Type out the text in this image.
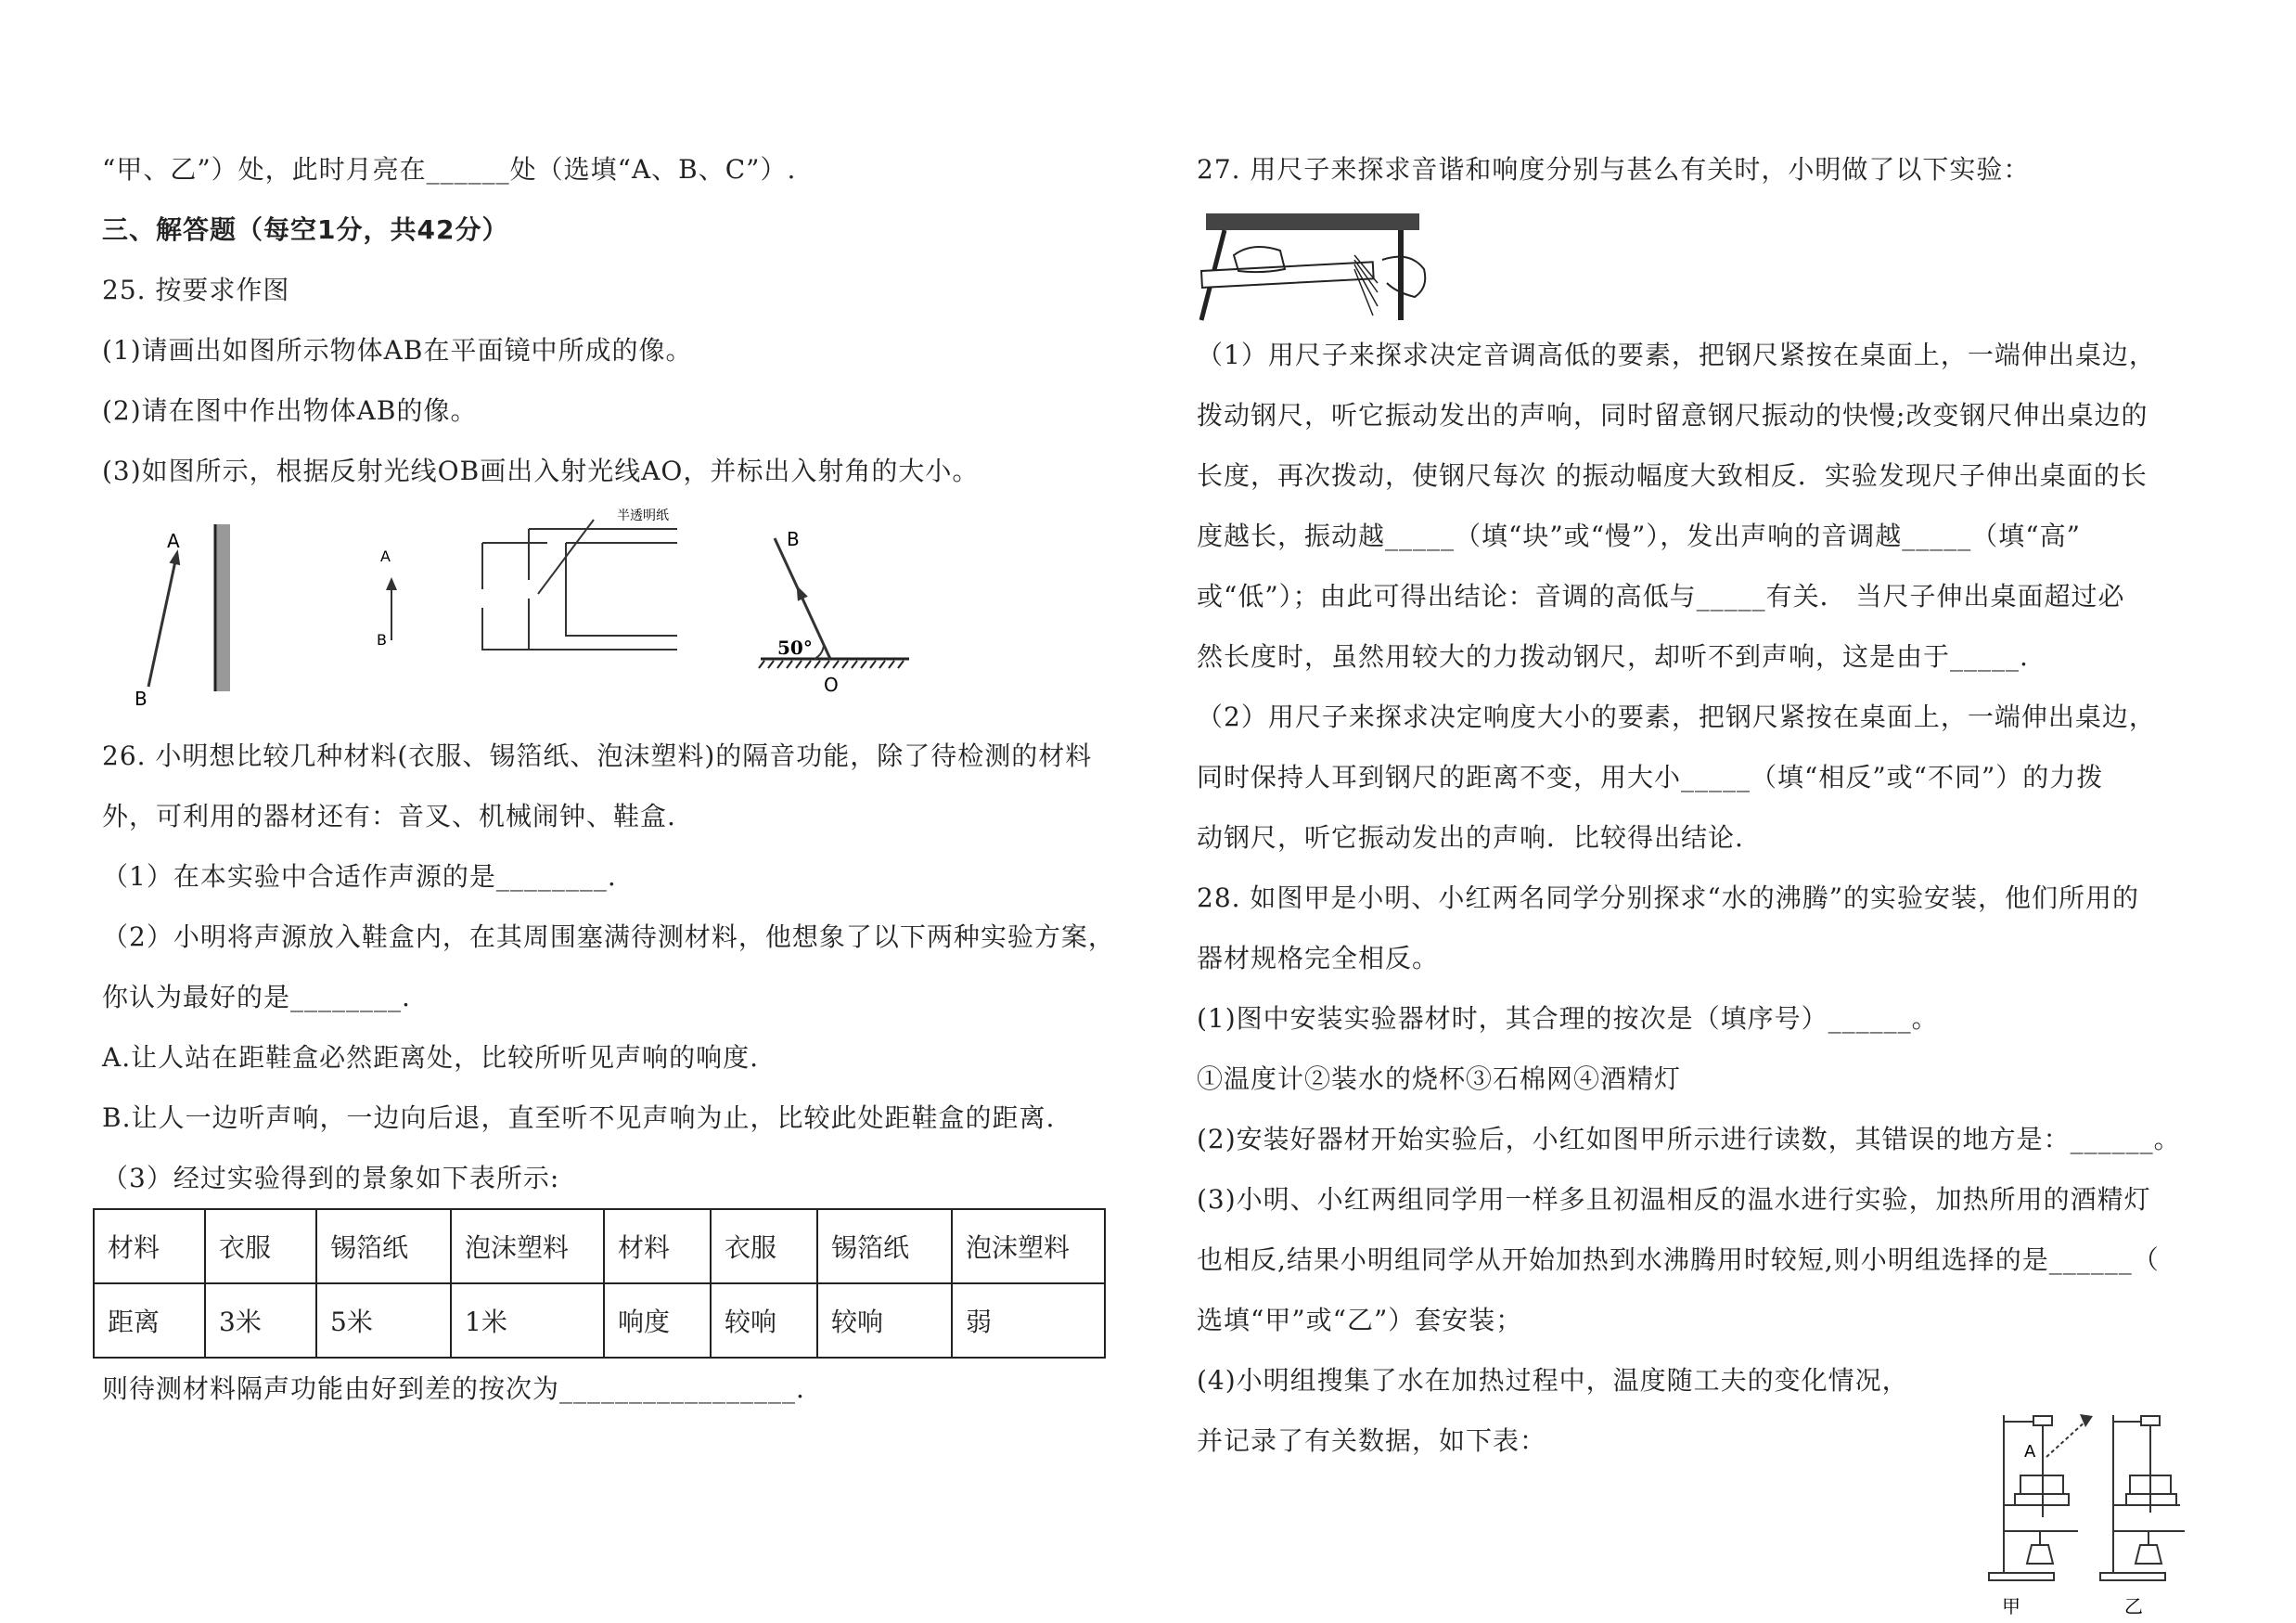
“甲、乙”）处，此时月亮在______处（选填“A、B、C”）.
三、解答题（每空1分，共42分）
25. 按要求作图
(1)请画出如图所示物体AB在平面镜中所成的像。
(2)请在图中作出物体AB的像。
(3)如图所示，根据反射光线OB画出入射光线AO，并标出入射角的大小。
A
B
A
B
半透明纸
B
50°
O
26. 小明想比较几种材料(衣服、锡箔纸、泡沫塑料)的隔音功能，除了待检测的材料
外，可利用的器材还有：音叉、机械闹钟、鞋盒.
（1）在本实验中合适作声源的是________.
（2）小明将声源放入鞋盒内，在其周围塞满待测材料，他想象了以下两种实验方案，
你认为最好的是________.
A.让人站在距鞋盒必然距离处，比较所听见声响的响度.
B.让人一边听声响，一边向后退，直至听不见声响为止，比较此处距鞋盒的距离.
（3）经过实验得到的景象如下表所示:
材料	衣服	锡箔纸	泡沫塑料	材料	衣服	锡箔纸	泡沫塑料
距离	3米	5米	1米	响度	较响	较响	弱
则待测材料隔声功能由好到差的按次为_________________.
27. 用尺子来探求音谐和响度分别与甚么有关时，小明做了以下实验：
（1）用尺子来探求决定音调高低的要素，把钢尺紧按在桌面上，一端伸出桌边，
拨动钢尺，听它振动发出的声响，同时留意钢尺振动的快慢;改变钢尺伸出桌边的
长度，再次拨动，使钢尺每次 的振动幅度大致相反．实验发现尺子伸出桌面的长
度越长，振动越_____（填“块”或“慢”），发出声响的音调越_____（填“高”
或“低”）；由此可得出结论：音调的高低与_____有关． 当尺子伸出桌面超过必
然长度时，虽然用较大的力拨动钢尺，却听不到声响，这是由于_____.
（2）用尺子来探求决定响度大小的要素，把钢尺紧按在桌面上，一端伸出桌边，
同时保持人耳到钢尺的距离不变，用大小_____（填“相反”或“不同”）的力拨
动钢尺，听它振动发出的声响．比较得出结论.
28. 如图甲是小明、小红两名同学分别探求“水的沸腾”的实验安装，他们所用的
器材规格完全相反。
(1)图中安装实验器材时，其合理的按次是（填序号）______。
①温度计②装水的烧杯③石棉网④酒精灯
(2)安装好器材开始实验后，小红如图甲所示进行读数，其错误的地方是：______。
(3)小明、小红两组同学用一样多且初温相反的温水进行实验，加热所用的酒精灯
也相反,结果小明组同学从开始加热到水沸腾用时较短,则小明组选择的是______（
选填“甲”或“乙”）套安装；
(4)小明组搜集了水在加热过程中，温度随工夫的变化情况，
并记录了有关数据，如下表：	A
甲	乙
